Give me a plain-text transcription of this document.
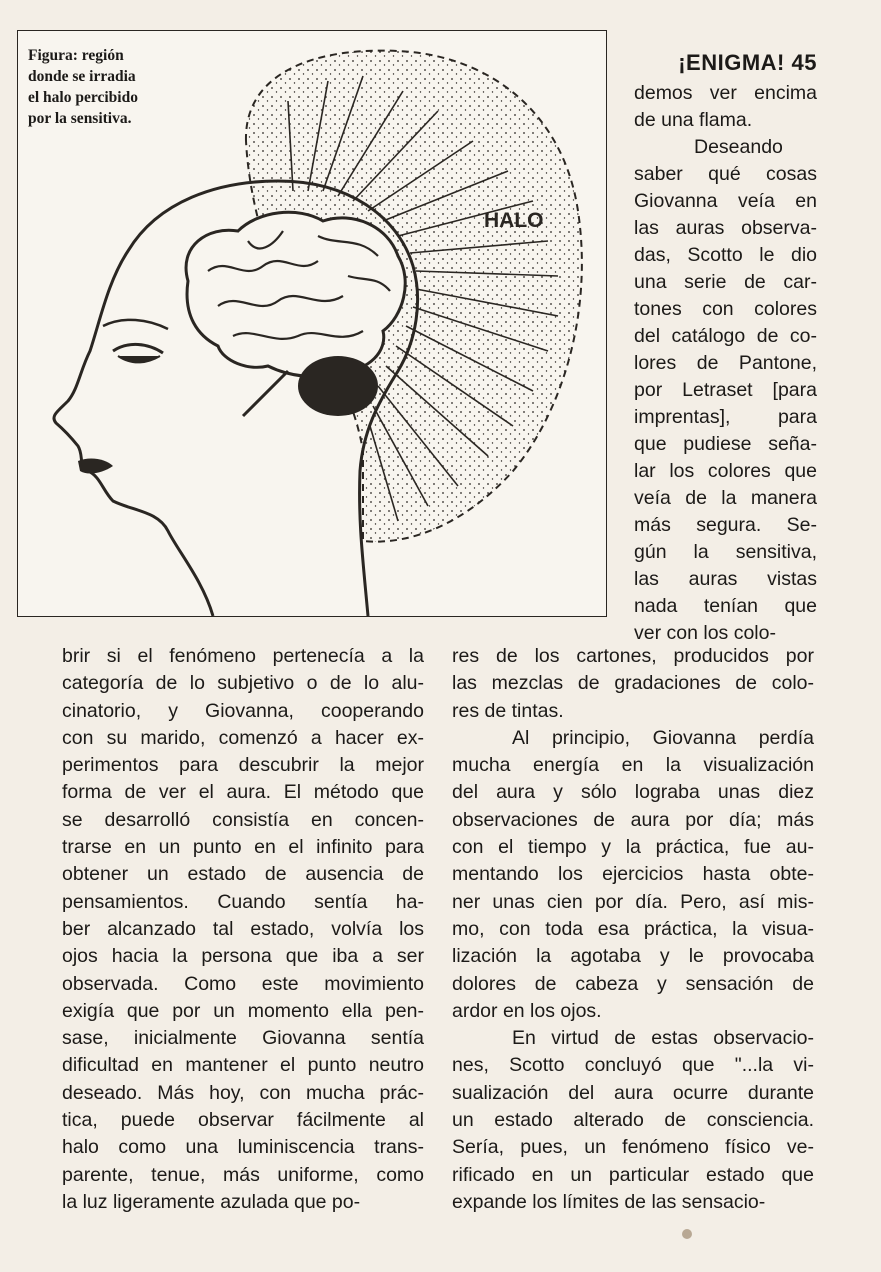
HALO
Figura: región
donde se irradia
el halo percibido
por la sensitiva.
¡ENIGMA! 45
demos ver encima
de una flama.
Deseando
saber qué cosas
Giovanna veía en
las auras observa-
das, Scotto le dio
una serie de car-
tones con colores
del catálogo de co-
lores de Pantone,
por Letraset [para
imprentas], para
que pudiese seña-
lar los colores que
veía de la manera
más segura. Se-
gún la sensitiva,
las auras vistas
nada tenían que
ver con los colo-
brir si el fenómeno pertenecía a la
categoría de lo subjetivo o de lo alu-
cinatorio, y Giovanna, cooperando
con su marido, comenzó a hacer ex-
perimentos para descubrir la mejor
forma de ver el aura. El método que
se desarrolló consistía en concen-
trarse en un punto en el infinito para
obtener un estado de ausencia de
pensamientos. Cuando sentía ha-
ber alcanzado tal estado, volvía los
ojos hacia la persona que iba a ser
observada. Como este movimiento
exigía que por un momento ella pen-
sase, inicialmente Giovanna sentía
dificultad en mantener el punto neutro
deseado. Más hoy, con mucha prác-
tica, puede observar fácilmente al
halo como una luminiscencia trans-
parente, tenue, más uniforme, como
la luz ligeramente azulada que po-
res de los cartones, producidos por
las mezclas de gradaciones de colo-
res de tintas.
Al principio, Giovanna perdía
mucha energía en la visualización
del aura y sólo lograba unas diez
observaciones de aura por día; más
con el tiempo y la práctica, fue au-
mentando los ejercicios hasta obte-
ner unas cien por día. Pero, así mis-
mo, con toda esa práctica, la visua-
lización la agotaba y le provocaba
dolores de cabeza y sensación de
ardor en los ojos.
En virtud de estas observacio-
nes, Scotto concluyó que "...la vi-
sualización del aura ocurre durante
un estado alterado de consciencia.
Sería, pues, un fenómeno físico ve-
rificado en un particular estado que
expande los límites de las sensacio-
